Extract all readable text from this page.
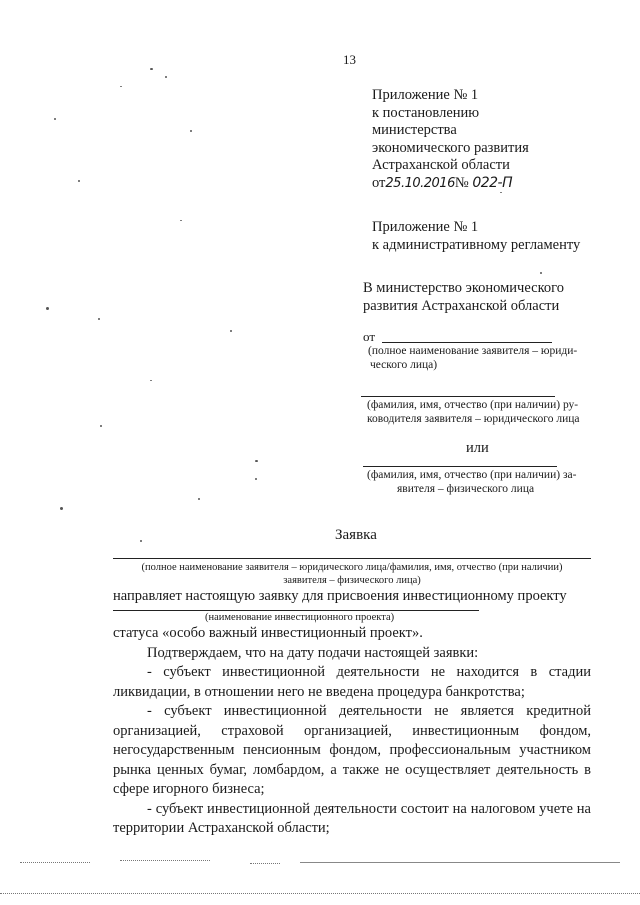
13
Приложение № 1
к постановлению
министерства
экономического развития
Астраханской области
от25.10.2016№ 022-П
Приложение № 1
к административному регламенту
В министерство экономического
развития Астраханской области
от
(полное наименование заявителя – юриди-
ческого лица)
(фамилия, имя, отчество (при наличии) ру-
ководителя заявителя – юридического лица
или
(фамилия, имя, отчество (при наличии) за-
явителя – физического лица
Заявка
(полное наименование заявителя – юридического лица/фамилия, имя, отчество (при наличии)
заявителя – физического лица)
направляет настоящую заявку для присвоения инвестиционному проекту
(наименование инвестиционного проекта)

статуса «особо важный инвестиционный проект».

Подтверждаем, что на дату подачи настоящей заявки:

- субъект инвестиционной деятельности не находится в стадии ликвидации, в отношении него не введена процедура банкротства;

- субъект инвестиционной деятельности не является кредитной организацией, страховой организацией, инвестиционным фондом, негосударственным пенсионным фондом, профессиональным участником рынка ценных бумаг, ломбардом, а также не осуществляет деятельность в сфере игорного бизнеса;

- субъект инвестиционной деятельности состоит на налоговом учете на территории Астраханской области;
